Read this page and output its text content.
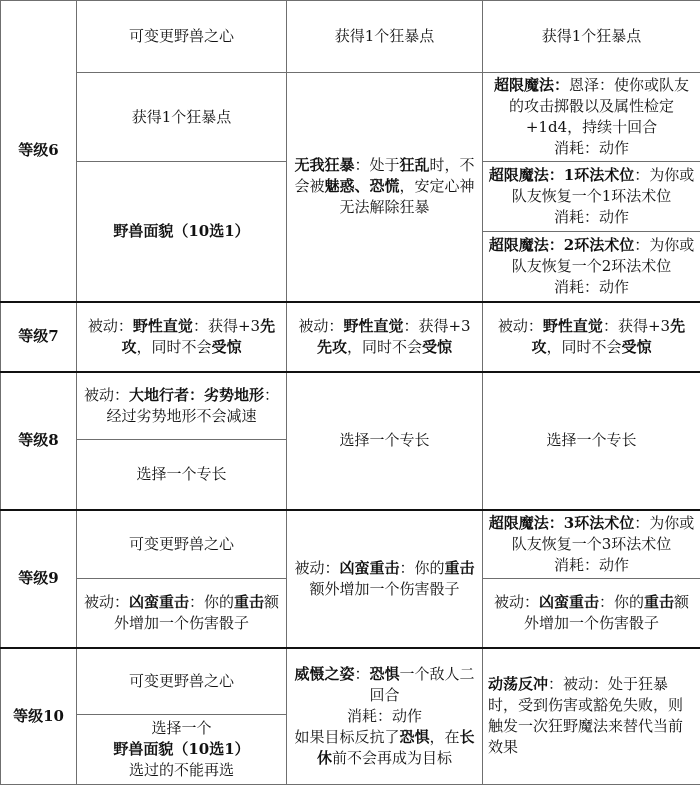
等级6	可变更野兽之心	获得1个狂暴点	获得1个狂暴点
	获得1个狂暴点	无我狂暴：处于狂乱时，不会被魅惑、恐慌，安定心神无法解除狂暴	超限魔法：恩泽：使你或队友的攻击掷骰以及属性检定+1d4，持续十回合
消耗：动作

	野兽面貌（10选1）		超限魔法：1环法术位：为你或队友恢复一个1环法术位
消耗：动作

			超限魔法：2环法术位：为你或队友恢复一个2环法术位
消耗：动作

等级7	被动：野性直觉：获得+3先攻，同时不会受惊	被动：野性直觉：获得+3先攻，同时不会受惊	被动：野性直觉：获得+3先攻，同时不会受惊
等级8	被动：大地行者：劣势地形：经过劣势地形不会减速	选择一个专长	选择一个专长
	选择一个专长		
等级9	可变更野兽之心	被动：凶蛮重击：你的重击额外增加一个伤害骰子	超限魔法：3环法术位：为你或队友恢复一个3环法术位
消耗：动作

	被动：凶蛮重击：你的重击额外增加一个伤害骰子		被动：凶蛮重击：你的重击额外增加一个伤害骰子
等级10	可变更野兽之心	威慑之姿：恐惧一个敌人二回合
消耗：动作
如果目标反抗了恐惧，在长休前不会再成为目标	动荡反冲：被动：处于狂暴时，受到伤害或豁免失败，则触发一次狂野魔法来替代当前效果

	选择一个
野兽面貌（10选1）
选过的不能再选		
